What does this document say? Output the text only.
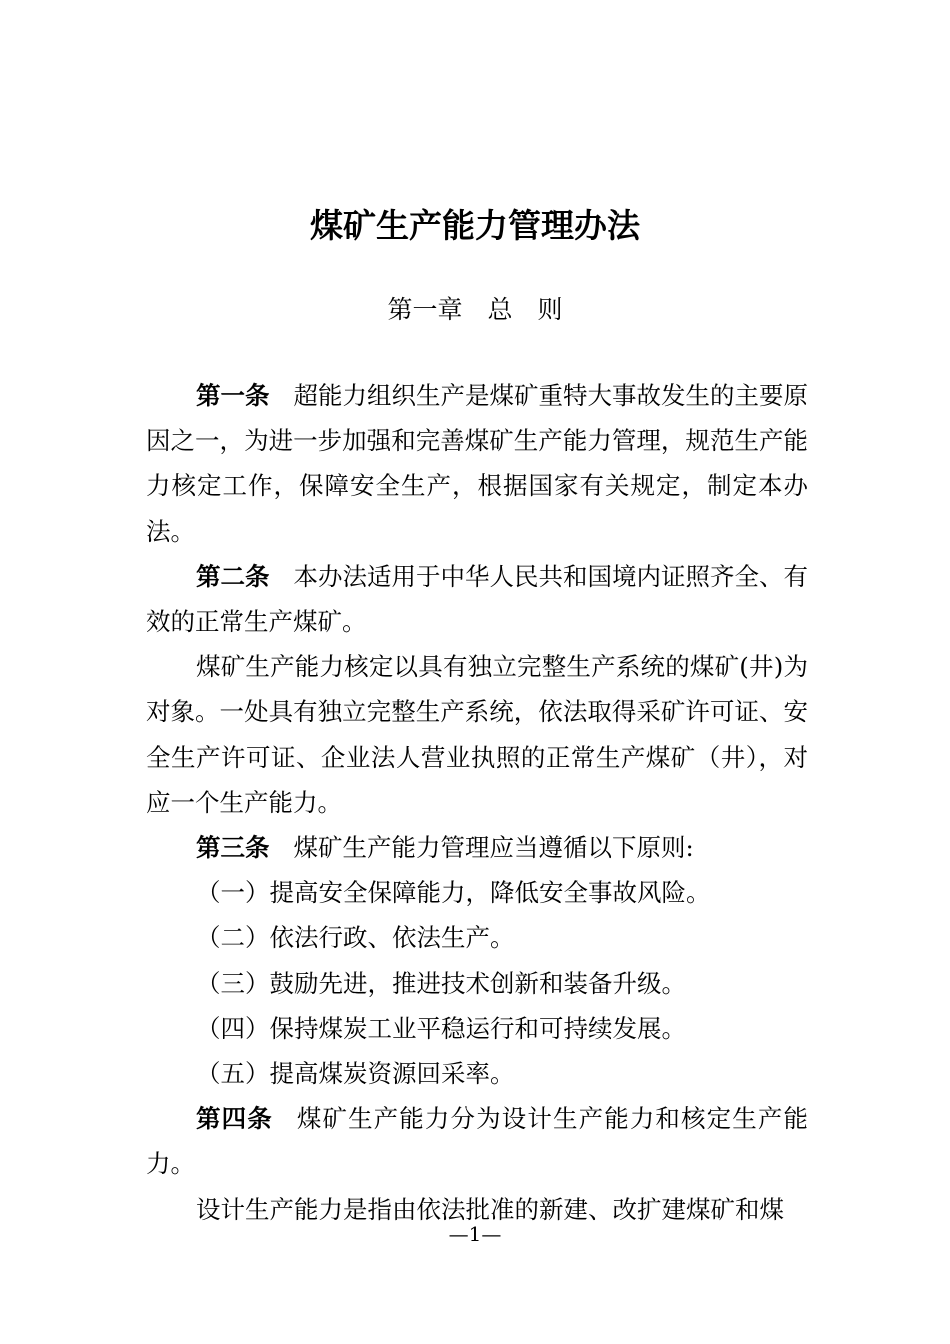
煤矿生产能力管理办法
第一章　总　则

第一条 超能力组织生产是煤矿重特大事故发生的主要原因之一，为进一步加强和完善煤矿生产能力管理，规范生产能力核定工作，保障安全生产，根据国家有关规定，制定本办法。

第二条 本办法适用于中华人民共和国境内证照齐全、有效的正常生产煤矿。

煤矿生产能力核定以具有独立完整生产系统的煤矿(井)为对象。一处具有独立完整生产系统，依法取得采矿许可证、安全生产许可证、企业法人营业执照的正常生产煤矿（井），对应一个生产能力。

第三条 煤矿生产能力管理应当遵循以下原则:

（一）提高安全保障能力，降低安全事故风险。

（二）依法行政、依法生产。

（三）鼓励先进，推进技术创新和装备升级。

（四）保持煤炭工业平稳运行和可持续发展。

（五）提高煤炭资源回采率。

第四条 煤矿生产能力分为设计生产能力和核定生产能力。

设计生产能力是指由依法批准的新建、改扩建煤矿和煤

—1—
